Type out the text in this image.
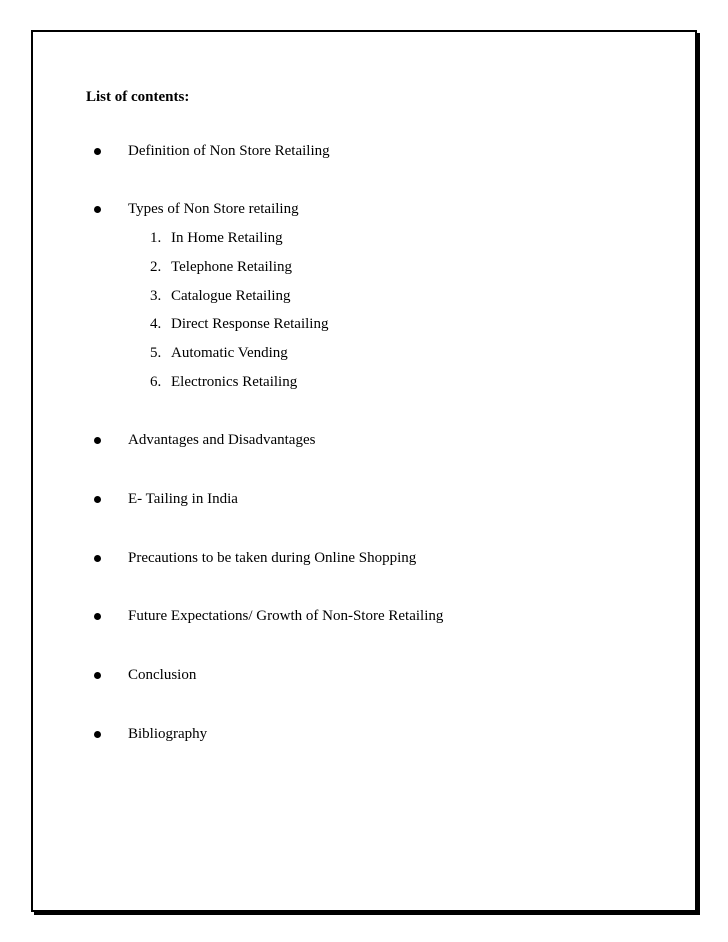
List of contents:
Definition of Non Store Retailing
Types of Non Store retailing
1. In Home Retailing
2. Telephone Retailing
3. Catalogue Retailing
4. Direct Response Retailing
5. Automatic Vending
6. Electronics Retailing
Advantages and Disadvantages
E- Tailing in India
Precautions to be taken during Online Shopping
Future Expectations/ Growth of Non-Store Retailing
Conclusion
Bibliography
